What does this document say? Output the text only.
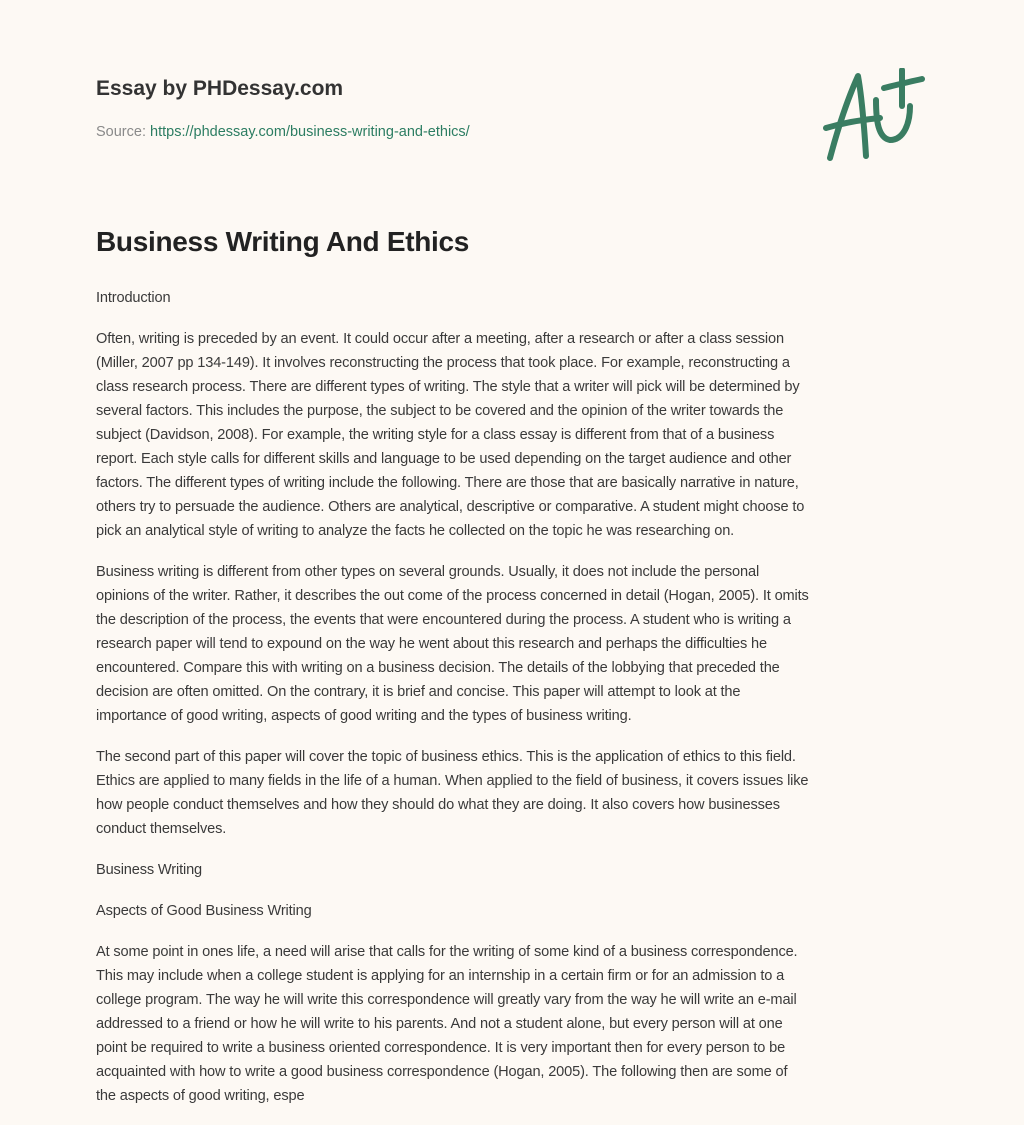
Essay by PHDessay.com
Source: https://phdessay.com/business-writing-and-ethics/
Business Writing And Ethics

Introduction

Often, writing is preceded by an event. It could occur after a meeting, after a research or after a class session
(Miller, 2007 pp 134-149). It involves reconstructing the process that took place. For example, reconstructing a
class research process. There are different types of writing. The style that a writer will pick will be determined by
several factors. This includes the purpose, the subject to be covered and the opinion of the writer towards the
subject (Davidson, 2008). For example, the writing style for a class essay is different from that of a business
report. Each style calls for different skills and language to be used depending on the target audience and other
factors. The different types of writing include the following. There are those that are basically narrative in nature,
others try to persuade the audience. Others are analytical, descriptive or comparative. A student might choose to
pick an analytical style of writing to analyze the facts he collected on the topic he was researching on.

Business writing is different from other types on several grounds. Usually, it does not include the personal
opinions of the writer. Rather, it describes the out come of the process concerned in detail (Hogan, 2005). It omits
the description of the process, the events that were encountered during the process. A student who is writing a
research paper will tend to expound on the way he went about this research and perhaps the difficulties he
encountered. Compare this with writing on a business decision. The details of the lobbying that preceded the
decision are often omitted. On the contrary, it is brief and concise. This paper will attempt to look at the
importance of good writing, aspects of good writing and the types of business writing.

The second part of this paper will cover the topic of business ethics. This is the application of ethics to this field.
Ethics are applied to many fields in the life of a human. When applied to the field of business, it covers issues like
how people conduct themselves and how they should do what they are doing. It also covers how businesses
conduct themselves.

Business Writing

Aspects of Good Business Writing

At some point in ones life, a need will arise that calls for the writing of some kind of a business correspondence.
This may include when a college student is applying for an internship in a certain firm or for an admission to a
college program. The way he will write this correspondence will greatly vary from the way he will write an e-mail
addressed to a friend or how he will write to his parents. And not a student alone, but every person will at one
point be required to write a business oriented correspondence. It is very important then for every person to be
acquainted with how to write a good business correspondence (Hogan, 2005). The following then are some of
the aspects of good writing, espe
